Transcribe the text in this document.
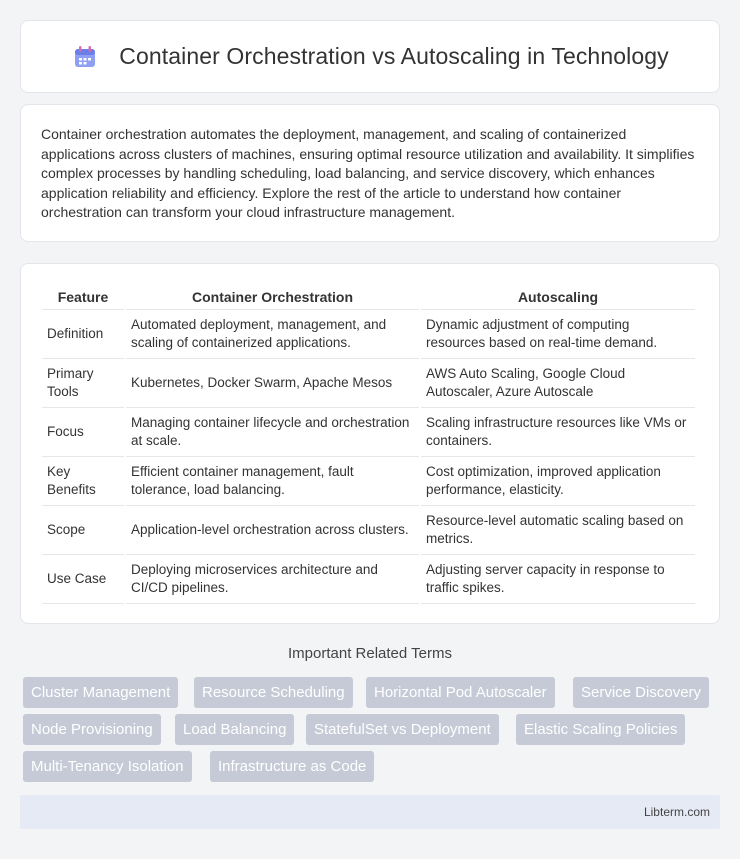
Container Orchestration vs Autoscaling in Technology

Container orchestration automates the deployment, management, and scaling of containerized applications across clusters of machines, ensuring optimal resource utilization and availability. It simplifies complex processes by handling scheduling, load balancing, and service discovery, which enhances application reliability and efficiency. Explore the rest of the article to understand how container orchestration can transform your cloud infrastructure management.

Feature	Container Orchestration	Autoscaling
Definition	Automated deployment, management, and scaling of containerized applications.	Dynamic adjustment of computing resources based on real-time demand.
Primary Tools	Kubernetes, Docker Swarm, Apache Mesos	AWS Auto Scaling, Google Cloud Autoscaler, Azure Autoscale
Focus	Managing container lifecycle and orchestration at scale.	Scaling infrastructure resources like VMs or containers.
Key Benefits	Efficient container management, fault tolerance, load balancing.	Cost optimization, improved application performance, elasticity.
Scope	Application-level orchestration across clusters.	Resource-level automatic scaling based on metrics.
Use Case	Deploying microservices architecture and CI/CD pipelines.	Adjusting server capacity in response to traffic spikes.
Important Related Terms
Cluster Management	Resource Scheduling	Horizontal Pod Autoscaler	Service Discovery
Node Provisioning	Load Balancing	StatefulSet vs Deployment	Elastic Scaling Policies
Multi-Tenancy Isolation	Infrastructure as Code
Libterm.com
